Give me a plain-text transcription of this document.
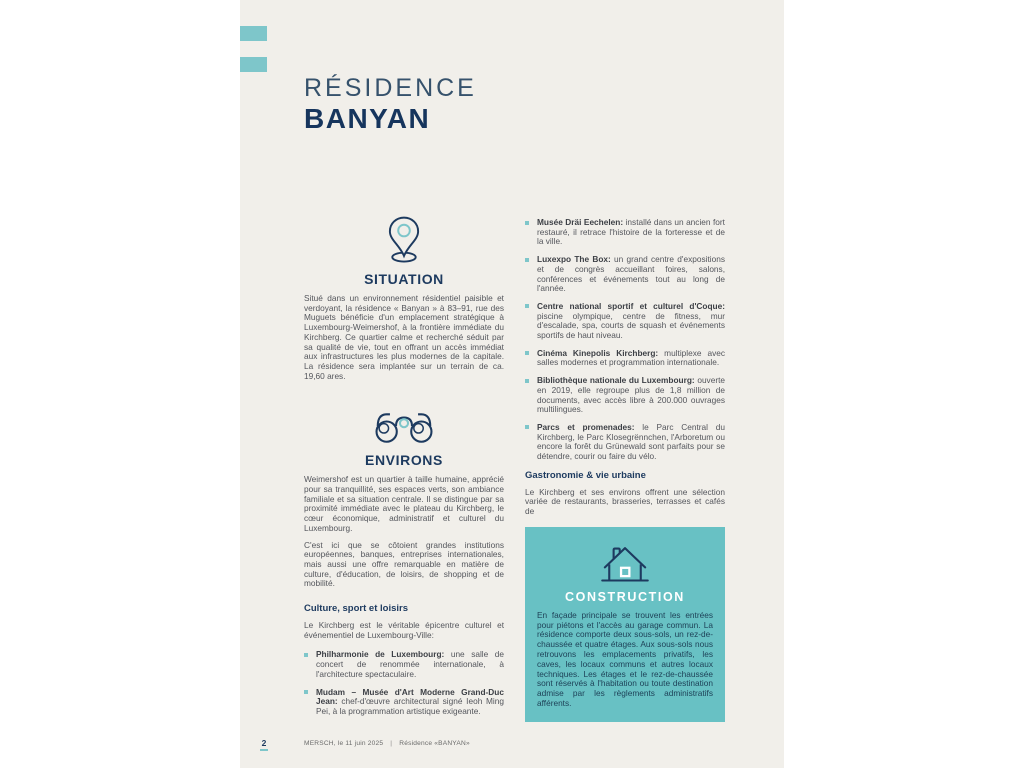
RÉSIDENCE
BANYAN
SITUATION

Situé dans un environnement résidentiel paisible et verdoyant, la résidence « Banyan » à 83–91, rue des Muguets bénéficie d'un emplacement stratégique à Luxembourg-Weimershof, à la frontière immédiate du Kirchberg. Ce quartier calme et recherché séduit par sa qualité de vie, tout en offrant un accès immédiat aux infrastructures les plus modernes de la capitale. La résidence sera implantée sur un terrain de ca. 19,60 ares.

ENVIRONS

Weimershof est un quartier à taille humaine, apprécié pour sa tranquillité, ses espaces verts, son ambiance familiale et sa situation centrale. Il se distingue par sa proximité immédiate avec le plateau du Kirchberg, le cœur économique, administratif et culturel du Luxembourg.

C'est ici que se côtoient grandes institutions européennes, banques, entreprises internationales, mais aussi une offre remarquable en matière de culture, d'éducation, de loisirs, de shopping et de mobilité.

Culture, sport et loisirs

Le Kirchberg est le véritable épicentre culturel et événementiel de Luxembourg-Ville:

Philharmonie de Luxembourg: une salle de concert de renommée internationale, à l'architecture spectaculaire.
Mudam – Musée d'Art Moderne Grand-Duc Jean: chef-d'œuvre architectural signé Ieoh Ming Pei, à la programmation artistique exigeante.
Musée Dräi Eechelen: installé dans un ancien fort restauré, il retrace l'histoire de la forteresse et de la ville.
Luxexpo The Box: un grand centre d'expositions et de congrès accueillant foires, salons, conférences et événements tout au long de l'année.
Centre national sportif et culturel d'Coque: piscine olympique, centre de fitness, mur d'escalade, spa, courts de squash et événements sportifs de haut niveau.
Cinéma Kinepolis Kirchberg: multiplexe avec salles modernes et programmation internationale.
Bibliothèque nationale du Luxembourg: ouverte en 2019, elle regroupe plus de 1,8 million de documents, avec accès libre à 200.000 ouvrages multilingues.
Parcs et promenades: le Parc Central du Kirchberg, le Parc Klosegrënnchen, l'Arboretum ou encore la forêt du Grünewald sont parfaits pour se détendre, courir ou faire du vélo.
Gastronomie & vie urbaine

Le Kirchberg et ses environs offrent une sélection variée de restaurants, brasseries, terrasses et cafés de

CONSTRUCTION

En façade principale se trouvent les entrées pour piétons et l'accès au garage commun. La résidence comporte deux sous-sols, un rez-de-chaussée et quatre étages. Aux sous-sols nous retrouvons les emplacements privatifs, les caves, les locaux communs et autres locaux techniques. Les étages et le rez-de-chaussée sont réservés à l'habitation ou toute destination admise par les règlements administratifs afférents.

2	MERSCH, le 11 juin 2025 | Résidence «BANYAN»
